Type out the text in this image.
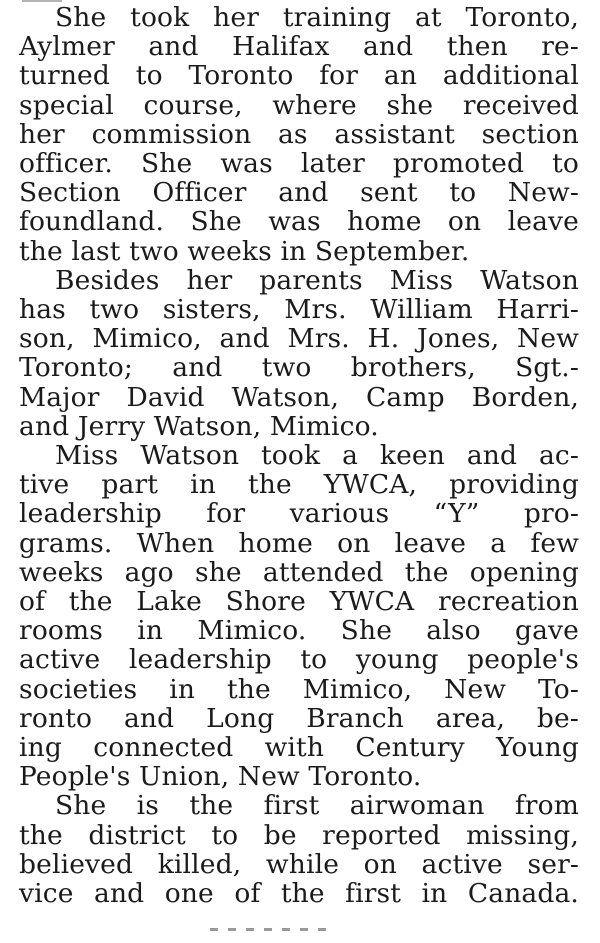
She took her training at Toronto,
Aylmer and Halifax and then re-
turned to Toronto for an additional
special course, where she received
her commission as assistant section
officer. She was later promoted to
Section Officer and sent to New-
foundland. She was home on leave
the last two weeks in September.
Besides her parents Miss Watson
has two sisters, Mrs. William Harri-
son, Mimico, and Mrs. H. Jones, New
Toronto; and two brothers, Sgt.-
Major David Watson, Camp Borden,
and Jerry Watson, Mimico.
Miss Watson took a keen and ac-
tive part in the YWCA, providing
leadership for various “Y” pro-
grams. When home on leave a few
weeks ago she attended the opening
of the Lake Shore YWCA recreation
rooms in Mimico. She also gave
active leadership to young people's
societies in the Mimico, New To-
ronto and Long Branch area, be-
ing connected with Century Young
People's Union, New Toronto.
She is the first airwoman from
the district to be reported missing,
believed killed, while on active ser-
vice and one of the first in Canada.
